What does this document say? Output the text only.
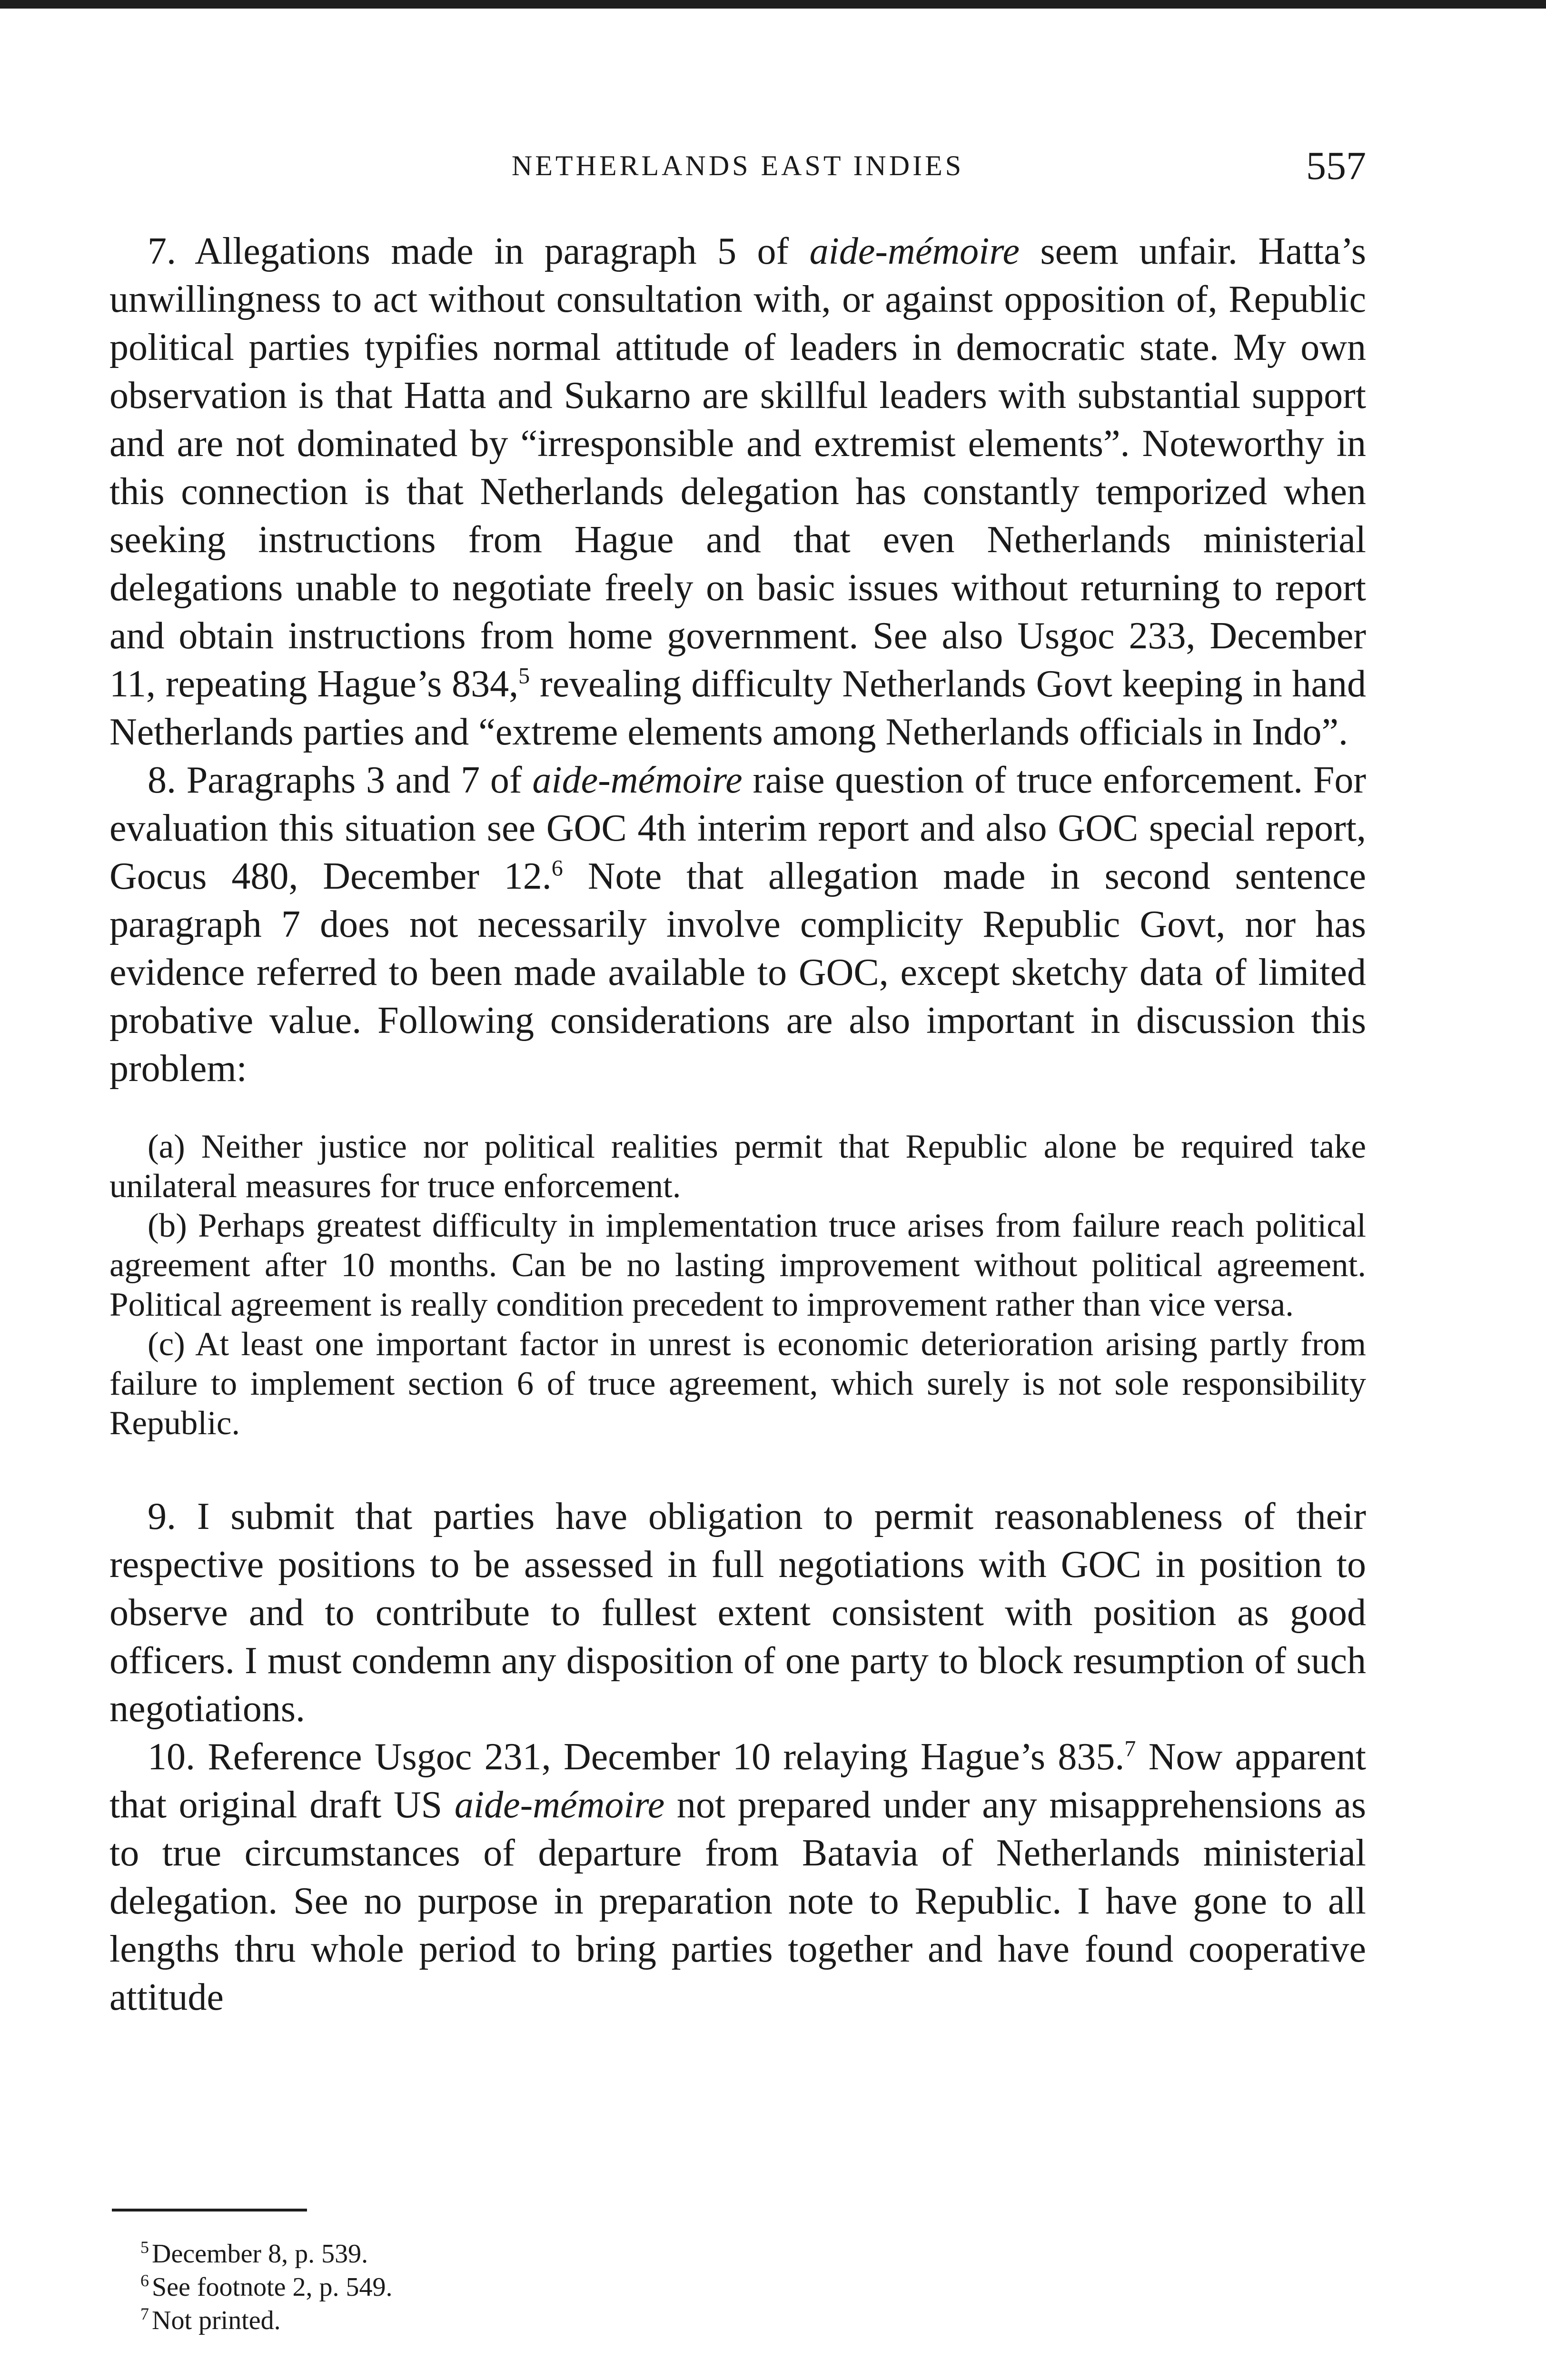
NETHERLANDS EAST INDIES	557

7. Allegations made in paragraph 5 of aide-mémoire seem unfair. Hatta’s unwillingness to act without consultation with, or against opposition of, Republic political parties typifies normal attitude of leaders in democratic state. My own observation is that Hatta and Sukarno are skillful leaders with substantial support and are not dominated by “irresponsible and extremist elements”. Noteworthy in this connection is that Netherlands delegation has constantly temporized when seeking instructions from Hague and that even Netherlands ministerial delegations unable to negotiate freely on basic issues without returning to report and obtain instructions from home government. See also Usgoc 233, December 11, repeating Hague’s 834,$^5$ revealing difficulty Netherlands Govt keeping in hand Netherlands parties and “extreme elements among Netherlands officials in Indo”.

8. Paragraphs 3 and 7 of aide-mémoire raise question of truce enforcement. For evaluation this situation see GOC 4th interim report and also GOC special report, Gocus 480, December 12.$^6$ Note that allegation made in second sentence paragraph 7 does not necessarily involve complicity Republic Govt, nor has evidence referred to been made available to GOC, except sketchy data of limited probative value. Following considerations are also important in discussion this problem:

(a) Neither justice nor political realities permit that Republic alone be required take unilateral measures for truce enforcement.

(b) Perhaps greatest difficulty in implementation truce arises from failure reach political agreement after 10 months. Can be no lasting improvement without political agreement. Political agreement is really condition precedent to improvement rather than vice versa.

(c) At least one important factor in unrest is economic deterioration arising partly from failure to implement section 6 of truce agreement, which surely is not sole responsibility Republic.

9. I submit that parties have obligation to permit reasonableness of their respective positions to be assessed in full negotiations with GOC in position to observe and to contribute to fullest extent consistent with position as good officers. I must condemn any disposition of one party to block resumption of such negotiations.

10. Reference Usgoc 231, December 10 relaying Hague’s 835.$^7$ Now apparent that original draft US aide-mémoire not prepared under any misapprehensions as to true circumstances of departure from Batavia of Netherlands ministerial delegation. See no purpose in preparation note to Republic. I have gone to all lengths thru whole period to bring parties together and have found cooperative attitude

$^5$ December 8, p. 539.

$^6$ See footnote 2, p. 549.

$^7$ Not printed.
